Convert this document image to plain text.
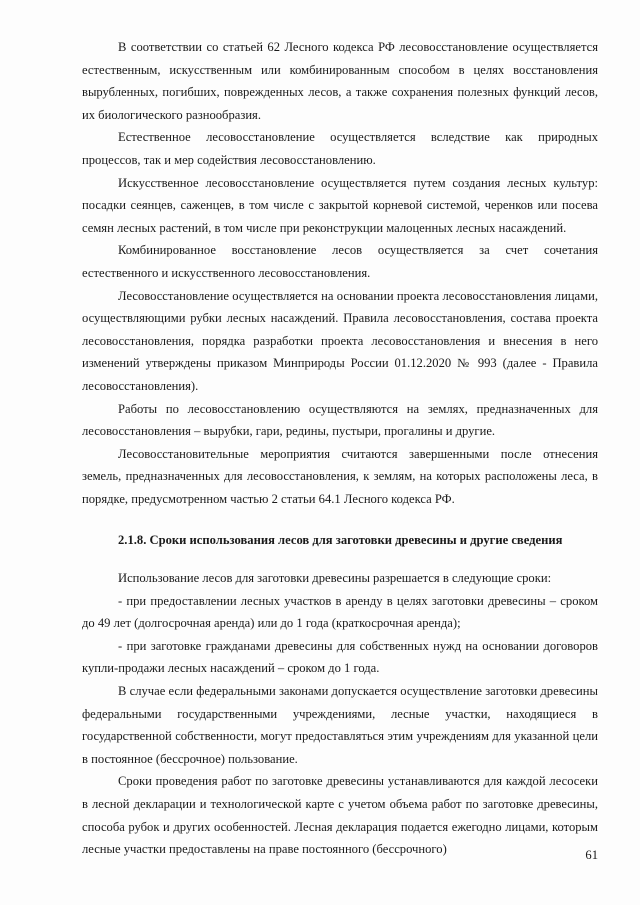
В соответствии со статьей 62 Лесного кодекса РФ лесовосстановление осуществляется естественным, искусственным или комбинированным способом в целях восстановления вырубленных, погибших, поврежденных лесов, а также сохранения полезных функций лесов, их биологического разнообразия.

Естественное лесовосстановление осуществляется вследствие как природных процессов, так и мер содействия лесовосстановлению.

Искусственное лесовосстановление осуществляется путем создания лесных культур: посадки сеянцев, саженцев, в том числе с закрытой корневой системой, черенков или посева семян лесных растений, в том числе при реконструкции малоценных лесных насаждений.

Комбинированное восстановление лесов осуществляется за счет сочетания естественного и искусственного лесовосстановления.

Лесовосстановление осуществляется на основании проекта лесовосстановления лицами, осуществляющими рубки лесных насаждений. Правила лесовосстановления, состава проекта лесовосстановления, порядка разработки проекта лесовосстановления и внесения в него изменений утверждены приказом Минприроды России 01.12.2020 № 993 (далее - Правила лесовосстановления).

Работы по лесовосстановлению осуществляются на землях, предназначенных для лесовосстановления – вырубки, гари, редины, пустыри, прогалины и другие.

Лесовосстановительные мероприятия считаются завершенными после отнесения земель, предназначенных для лесовосстановления, к землям, на которых расположены леса, в порядке, предусмотренном частью 2 статьи 64.1 Лесного кодекса РФ.

2.1.8. Сроки использования лесов для заготовки древесины и другие сведения

Использование лесов для заготовки древесины разрешается в следующие сроки:

- при предоставлении лесных участков в аренду в целях заготовки древесины – сроком до 49 лет (долгосрочная аренда) или до 1 года (краткосрочная аренда);

- при заготовке гражданами древесины для собственных нужд на основании договоров купли-продажи лесных насаждений – сроком до 1 года.

В случае если федеральными законами допускается осуществление заготовки древесины федеральными государственными учреждениями, лесные участки, находящиеся в государственной собственности, могут предоставляться этим учреждениям для указанной цели в постоянное (бессрочное) пользование.

Сроки проведения работ по заготовке древесины устанавливаются для каждой лесосеки в лесной декларации и технологической карте с учетом объема работ по заготовке древесины, способа рубок и других особенностей. Лесная декларация подается ежегодно лицами, которым лесные участки предоставлены на праве постоянного (бессрочного)	61
